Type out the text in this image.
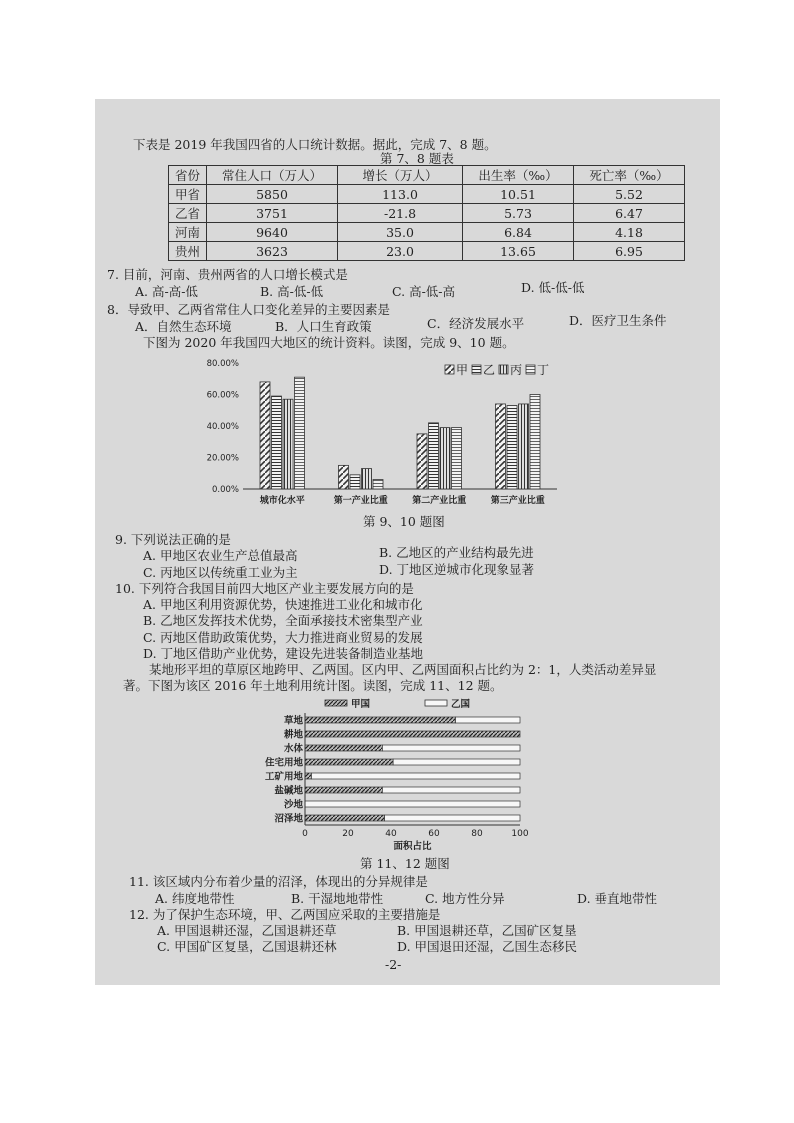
下表是 2019 年我国四省的人口统计数据。据此，完成 7、8 题。
第 7、8 题表
省份	常住人口（万人）	增长（万人）	出生率（‰）	死亡率（‰）
甲省	5850	113.0	10.51	5.52
乙省	3751	-21.8	5.73	6.47
河南	9640	35.0	6.84	4.18
贵州	3623	23.0	13.65	6.95
7. 目前，河南、贵州两省的人口增长模式是
A. 高-高-低	B. 高-低-低	C. 高-低-高	D. 低-低-低
8．导致甲、乙两省常住人口变化差异的主要因素是
A．自然生态环境	B．人口生育政策	C．经济发展水平	D．医疗卫生条件
下图为 2020 年我国四大地区的统计资料。读图，完成 9、10 题。
0.00%
20.00%
40.00%
60.00%
80.00%
城市化水平	第一产业比重	第二产业比重	第三产业比重
甲 乙 丙 丁
第 9、10 题图
9. 下列说法正确的是
A. 甲地区农业生产总值最高	B. 乙地区的产业结构最先进
C. 丙地区以传统重工业为主	D. 丁地区逆城市化现象显著
10. 下列符合我国目前四大地区产业主要发展方向的是
A. 甲地区利用资源优势，快速推进工业化和城市化
B. 乙地区发挥技术优势，全面承接技术密集型产业
C. 丙地区借助政策优势，大力推进商业贸易的发展
D. 丁地区借助产业优势，建设先进装备制造业基地
某地形平坦的草原区地跨甲、乙两国。区内甲、乙两国面积占比约为 2：1，人类活动差异显
著。下图为该区 2016 年土地利用统计图。读图，完成 11、12 题。
甲国	乙国
草地
耕地
水体
住宅用地
工矿用地
盐碱地
沙地
沼泽地
0	20	40	60	80	100
面积占比
第 11、12 题图
11. 该区域内分布着少量的沼泽，体现出的分异规律是
A. 纬度地带性	B. 干湿地地带性	C. 地方性分异	D. 垂直地带性
12. 为了保护生态环境，甲、乙两国应采取的主要措施是
A. 甲国退耕还湿，乙国退耕还草	B. 甲国退耕还草，乙国矿区复垦
C. 甲国矿区复垦，乙国退耕还林	D. 甲国退田还湿，乙国生态移民
-2-
